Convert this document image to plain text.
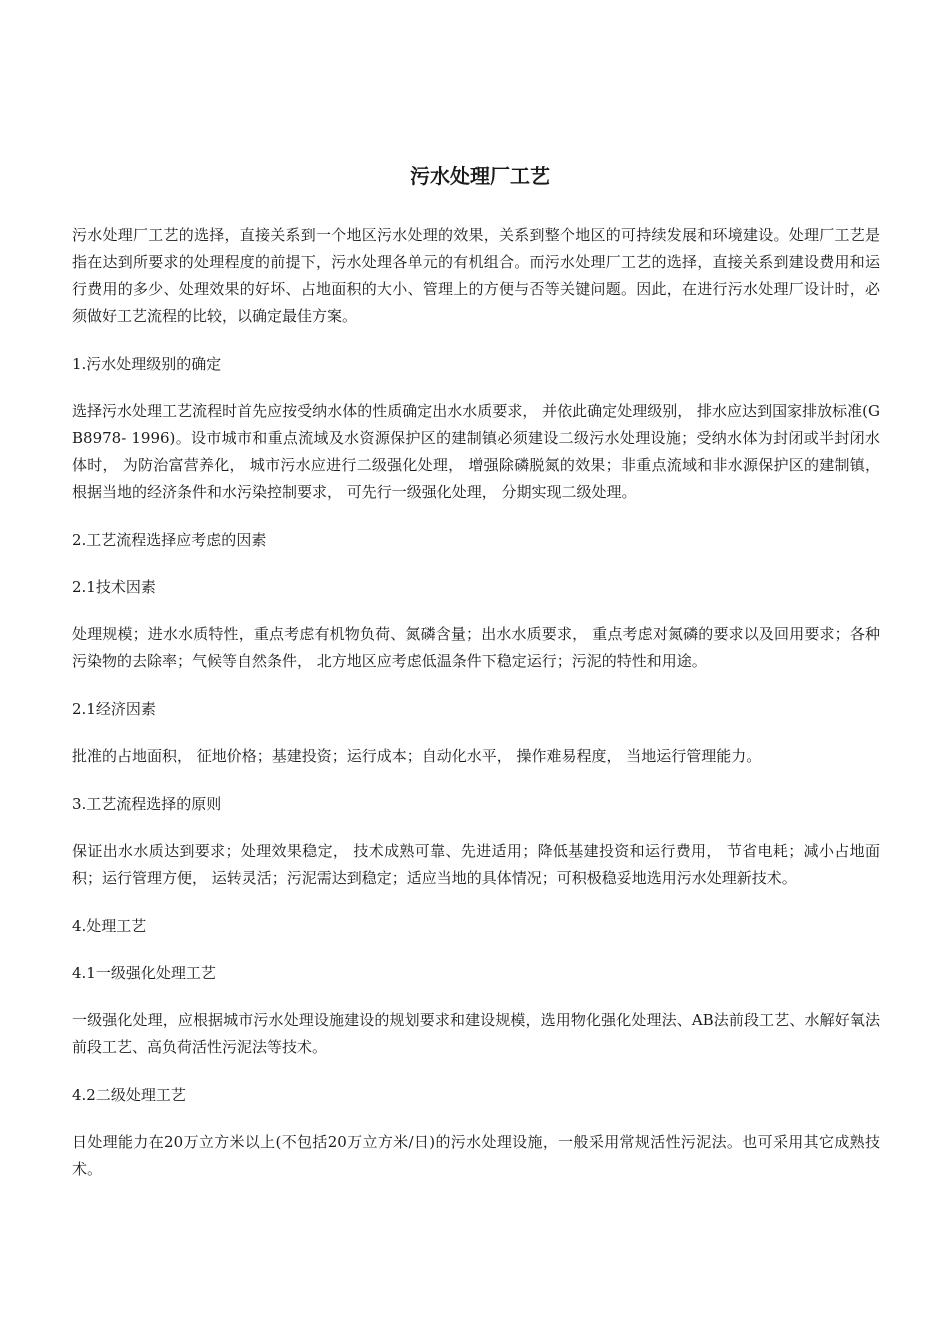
污水处理厂工艺
污水处理厂工艺的选择，直接关系到一个地区污水处理的效果，关系到整个地区的可持续发展和环境建设。处理厂工艺是指在达到所要求的处理程度的前提下，污水处理各单元的有机组合。而污水处理厂工艺的选择，直接关系到建设费用和运行费用的多少、处理效果的好坏、占地面积的大小、管理上的方便与否等关键问题。因此，在进行污水处理厂设计时，必须做好工艺流程的比较，以确定最佳方案。
1.污水处理级别的确定
选择污水处理工艺流程时首先应按受纳水体的性质确定出水水质要求， 并依此确定处理级别， 排水应达到国家排放标准(GB8978- 1996)。设市城市和重点流域及水资源保护区的建制镇必须建设二级污水处理设施；受纳水体为封闭或半封闭水体时， 为防治富营养化， 城市污水应进行二级强化处理， 增强除磷脱氮的效果；非重点流域和非水源保护区的建制镇， 根据当地的经济条件和水污染控制要求， 可先行一级强化处理， 分期实现二级处理。
2.工艺流程选择应考虑的因素
2.1技术因素
处理规模；进水水质特性，重点考虑有机物负荷、氮磷含量；出水水质要求， 重点考虑对氮磷的要求以及回用要求；各种污染物的去除率；气候等自然条件， 北方地区应考虑低温条件下稳定运行；污泥的特性和用途。
2.1经济因素
批准的占地面积， 征地价格；基建投资；运行成本；自动化水平， 操作难易程度， 当地运行管理能力。
3.工艺流程选择的原则
保证出水水质达到要求；处理效果稳定， 技术成熟可靠、先进适用；降低基建投资和运行费用， 节省电耗；减小占地面积；运行管理方便， 运转灵活；污泥需达到稳定；适应当地的具体情况；可积极稳妥地选用污水处理新技术。
4.处理工艺
4.1一级强化处理工艺
一级强化处理，应根据城市污水处理设施建设的规划要求和建设规模，选用物化强化处理法、AB法前段工艺、水解好氧法前段工艺、高负荷活性污泥法等技术。
4.2二级处理工艺
日处理能力在20万立方米以上(不包括20万立方米/日)的污水处理设施，一般采用常规活性污泥法。也可采用其它成熟技术。
